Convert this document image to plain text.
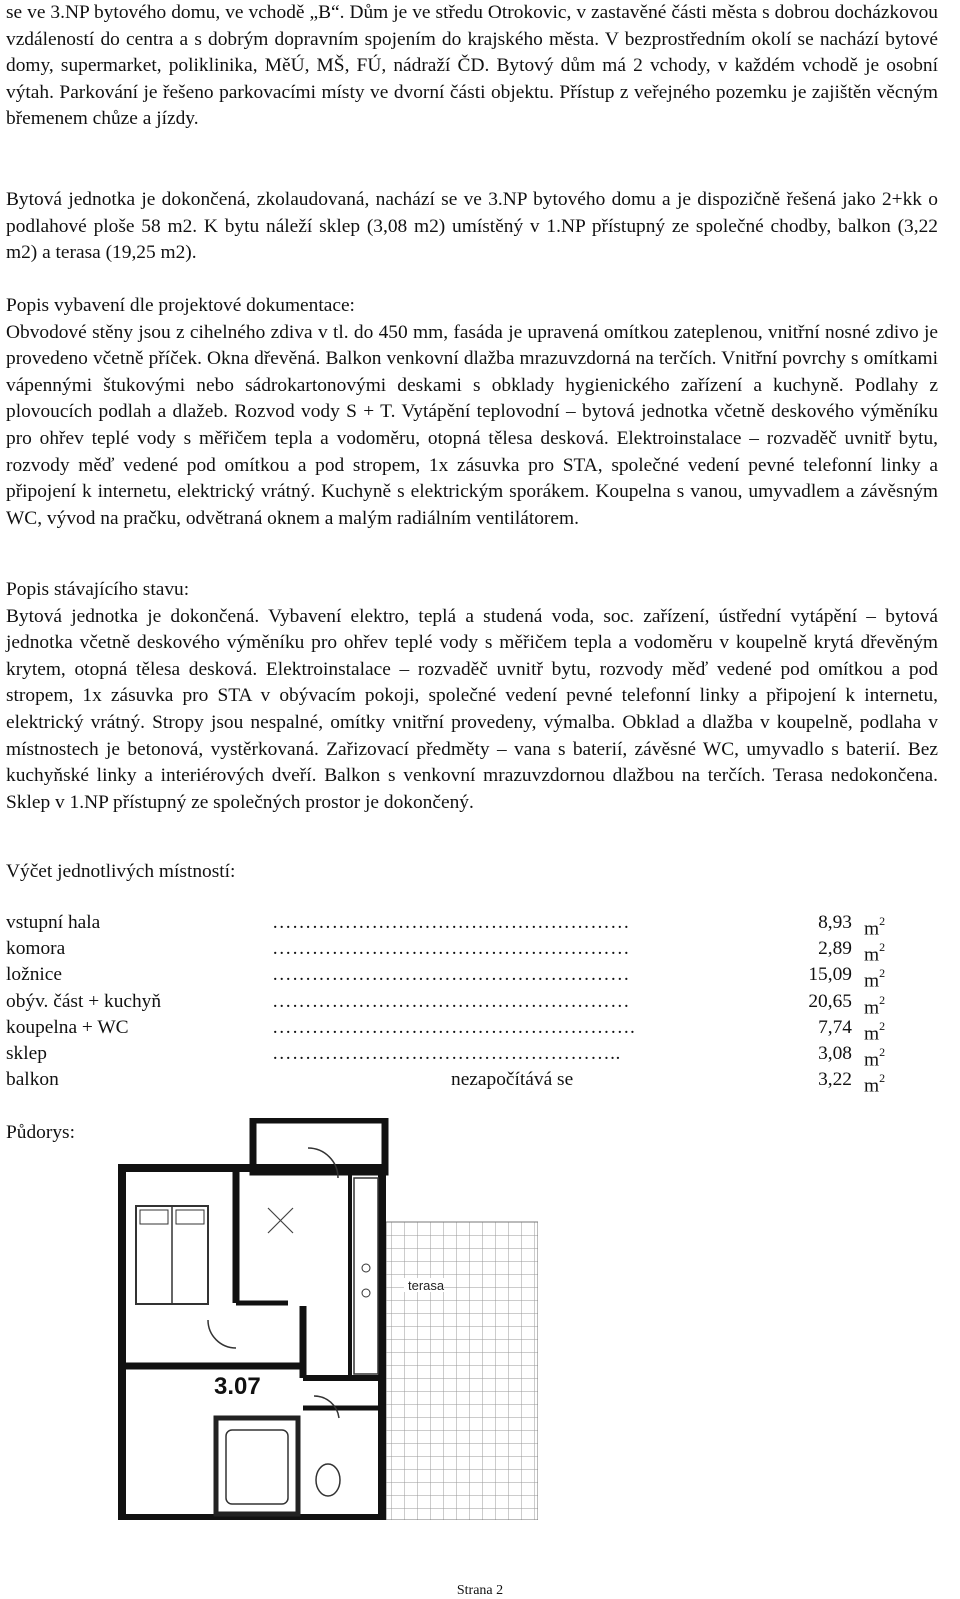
se ve 3.NP bytového domu, ve vchodě „B“. Dům je ve středu Otrokovic, v zastavěné části města s dobrou docházkovou vzdáleností do centra a s dobrým dopravním spojením do krajského města. V bezprostředním okolí se nachází bytové domy, supermarket, poliklinika, MěÚ, MŠ, FÚ, nádraží ČD. Bytový dům má 2 vchody, v každém vchodě je osobní výtah. Parkování je řešeno parkovacími místy ve dvorní části objektu. Přístup z veřejného pozemku je zajištěn věcným břemenem chůze a jízdy.

Bytová jednotka je dokončená, zkolaudovaná, nachází se ve 3.NP bytového domu a je dispozičně řešená jako 2+kk o podlahové ploše 58 m2. K bytu náleží sklep (3,08 m2) umístěný v 1.NP přístupný ze společné chodby, balkon (3,22 m2) a terasa (19,25 m2).

Popis vybavení dle projektové dokumentace:

Obvodové stěny jsou z cihelného zdiva v tl. do 450 mm, fasáda je upravená omítkou zateplenou, vnitřní nosné zdivo je provedeno včetně příček. Okna dřevěná. Balkon venkovní dlažba mrazuvzdorná na terčích. Vnitřní povrchy s omítkami vápennými štukovými nebo sádrokartonovými deskami s obklady hygienického zařízení a kuchyně. Podlahy z plovoucích podlah a dlažeb. Rozvod vody S + T. Vytápění teplovodní – bytová jednotka včetně deskového výměníku pro ohřev teplé vody s měřičem tepla a vodoměru, otopná tělesa desková. Elektroinstalace – rozvaděč uvnitř bytu, rozvody měď vedené pod omítkou a pod stropem, 1x zásuvka pro STA, společné vedení pevné telefonní linky a připojení k internetu, elektrický vrátný. Kuchyně s elektrickým sporákem. Koupelna s vanou, umyvadlem a závěsným WC, vývod na pračku, odvětraná oknem a malým radiálním ventilátorem.

Popis stávajícího stavu:

Bytová jednotka je dokončená. Vybavení elektro, teplá a studená voda, soc. zařízení, ústřední vytápění – bytová jednotka včetně deskového výměníku pro ohřev teplé vody s měřičem tepla a vodoměru v koupelně krytá dřevěným krytem, otopná tělesa desková. Elektroinstalace – rozvaděč uvnitř bytu, rozvody měď vedené pod omítkou a pod stropem, 1x zásuvka pro STA v obývacím pokoji, společné vedení pevné telefonní linky a připojení k internetu, elektrický vrátný. Stropy jsou nespalné, omítky vnitřní provedeny, výmalba. Obklad a dlažba v koupelně, podlaha v místnostech je betonová, vystěrkovaná. Zařizovací předměty – vana s baterií, závěsné WC, umyvadlo s baterií. Bez kuchyňské linky a interiérových dveří. Balkon s venkovní mrazuvzdornou dlažbou na terčích. Terasa nedokončena. Sklep v 1.NP přístupný ze společných prostor je dokončený.

Výčet jednotlivých místností:

vstupní hala	………………………………………………	8,93 $m^2$
komora	………………………………………………	2,89 $m^2$
ložnice	………………………………………………	15,09 $m^2$
obýv. část + kuchyň	………………………………………………	20,65 $m^2$
koupelna + WC	……………………………………………….	7,74 $m^2$
sklep	……………………………………………..	3,08 $m^2$
balkon	nezapočítává se	3,22 $m^2$

Půdorys:

terasa
3.07
Strana 2
